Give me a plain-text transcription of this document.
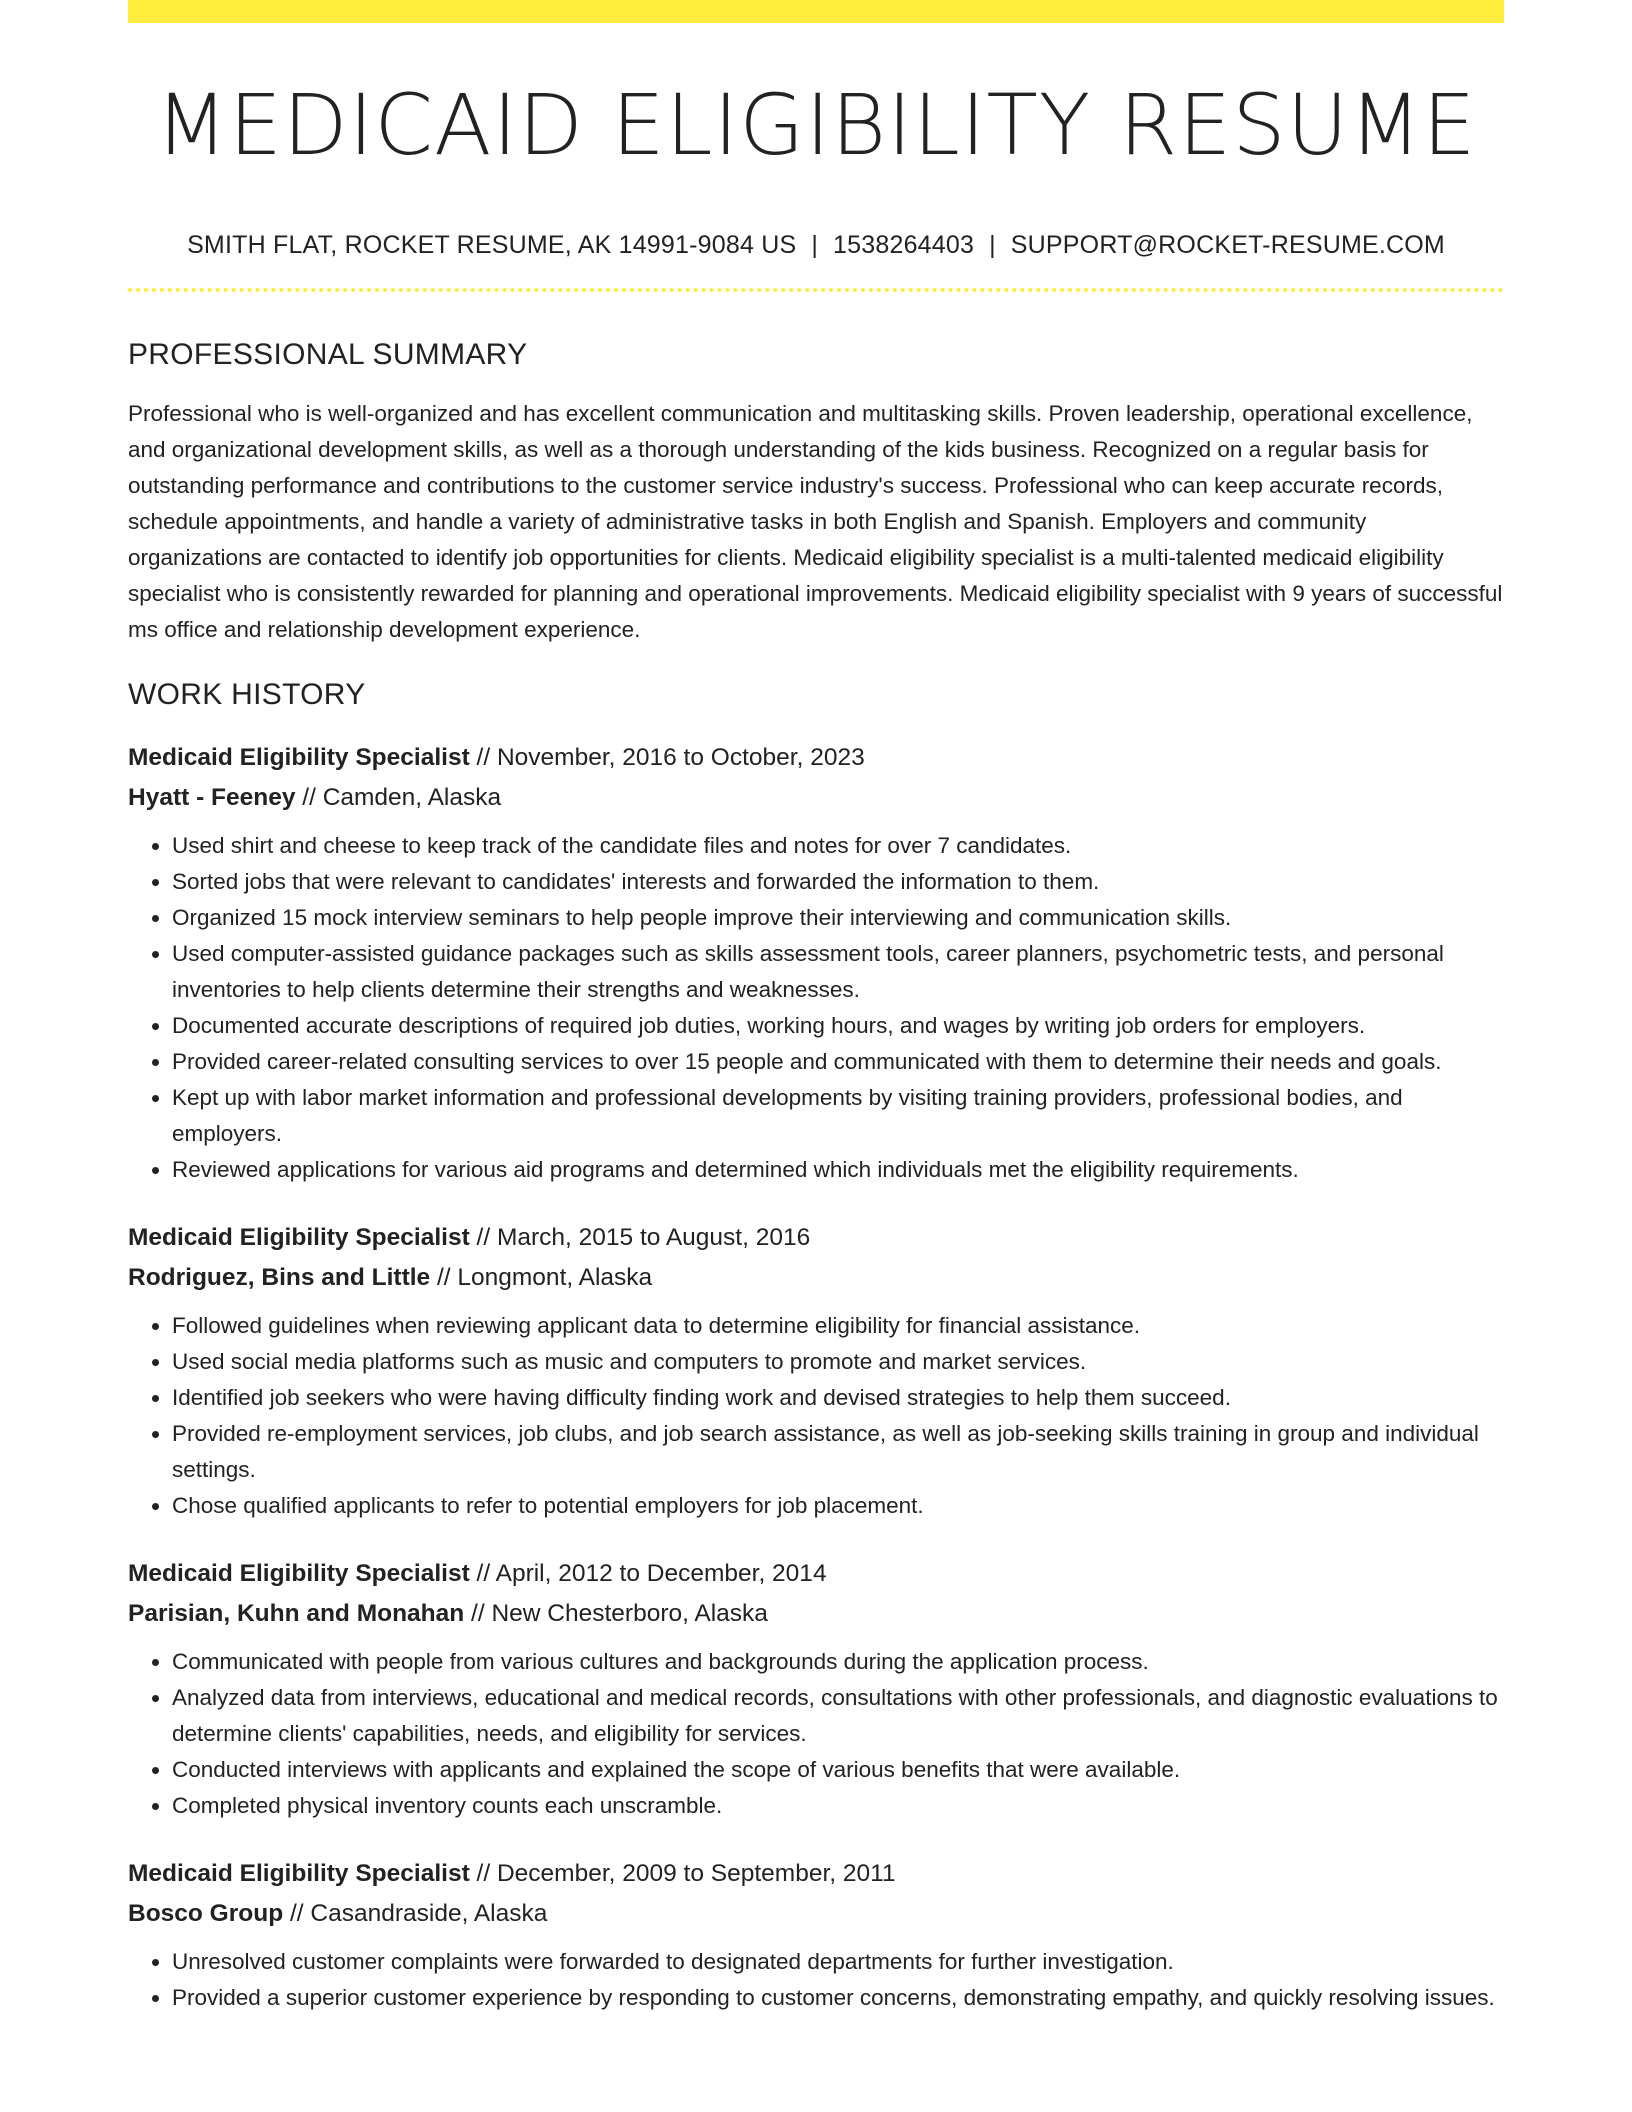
MEDICAID ELIGIBILITY RESUME
SMITH FLAT, ROCKET RESUME, AK 14991-9084 US | 1538264403 | SUPPORT@ROCKET-RESUME.COM
PROFESSIONAL SUMMARY
Professional who is well-organized and has excellent communication and multitasking skills. Proven leadership, operational excellence, and organizational development skills, as well as a thorough understanding of the kids business. Recognized on a regular basis for outstanding performance and contributions to the customer service industry's success. Professional who can keep accurate records, schedule appointments, and handle a variety of administrative tasks in both English and Spanish. Employers and community organizations are contacted to identify job opportunities for clients. Medicaid eligibility specialist is a multi-talented medicaid eligibility specialist who is consistently rewarded for planning and operational improvements. Medicaid eligibility specialist with 9 years of successful ms office and relationship development experience.
WORK HISTORY
Medicaid Eligibility Specialist // November, 2016 to October, 2023
Hyatt - Feeney // Camden, Alaska
• Used shirt and cheese to keep track of the candidate files and notes for over 7 candidates.
• Sorted jobs that were relevant to candidates' interests and forwarded the information to them.
• Organized 15 mock interview seminars to help people improve their interviewing and communication skills.
• Used computer-assisted guidance packages such as skills assessment tools, career planners, psychometric tests, and personal inventories to help clients determine their strengths and weaknesses.
• Documented accurate descriptions of required job duties, working hours, and wages by writing job orders for employers.
• Provided career-related consulting services to over 15 people and communicated with them to determine their needs and goals.
• Kept up with labor market information and professional developments by visiting training providers, professional bodies, and employers.
• Reviewed applications for various aid programs and determined which individuals met the eligibility requirements.
Medicaid Eligibility Specialist // March, 2015 to August, 2016
Rodriguez, Bins and Little // Longmont, Alaska
• Followed guidelines when reviewing applicant data to determine eligibility for financial assistance.
• Used social media platforms such as music and computers to promote and market services.
• Identified job seekers who were having difficulty finding work and devised strategies to help them succeed.
• Provided re-employment services, job clubs, and job search assistance, as well as job-seeking skills training in group and individual settings.
• Chose qualified applicants to refer to potential employers for job placement.
Medicaid Eligibility Specialist // April, 2012 to December, 2014
Parisian, Kuhn and Monahan // New Chesterboro, Alaska
• Communicated with people from various cultures and backgrounds during the application process.
• Analyzed data from interviews, educational and medical records, consultations with other professionals, and diagnostic evaluations to determine clients' capabilities, needs, and eligibility for services.
• Conducted interviews with applicants and explained the scope of various benefits that were available.
• Completed physical inventory counts each unscramble.
Medicaid Eligibility Specialist // December, 2009 to September, 2011
Bosco Group // Casandraside, Alaska
• Unresolved customer complaints were forwarded to designated departments for further investigation.
• Provided a superior customer experience by responding to customer concerns, demonstrating empathy, and quickly resolving issues.
